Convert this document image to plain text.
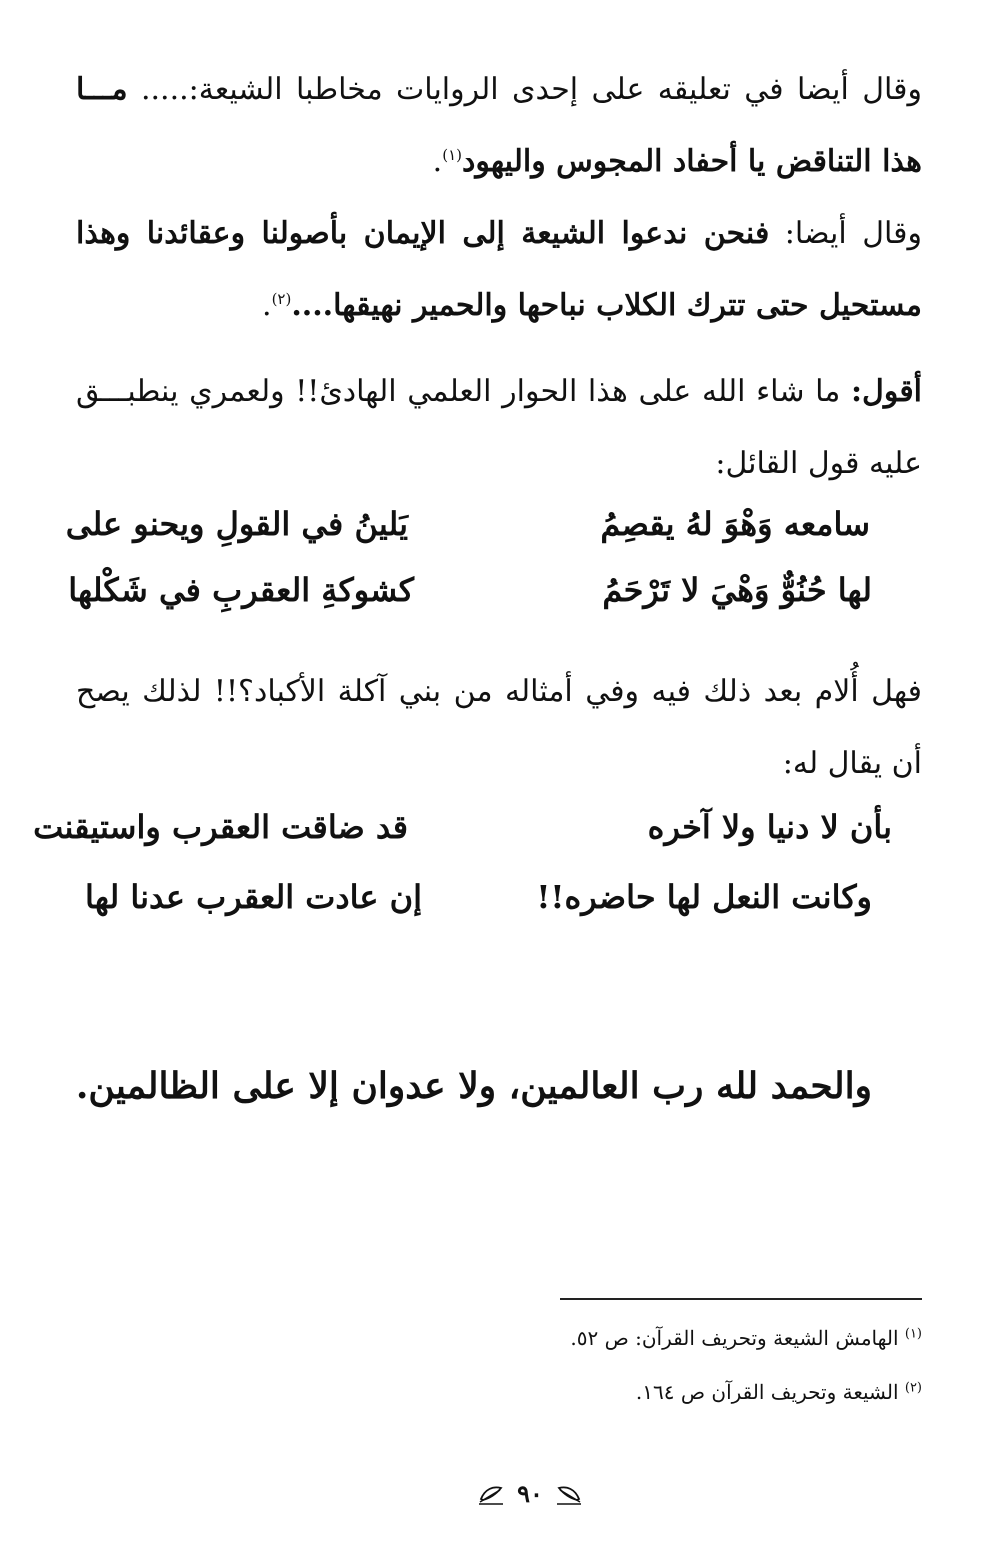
وقال أيضا في تعليقه على إحدى الروايات مخاطبا الشيعة:..... مـــا هذا التناقض يا أحفاد المجوس واليهود$^{(١)}$.

وقال أيضا: فنحن ندعوا الشيعة إلى الإيمان بأصولنا وعقائدنا وهذا مستحيل حتى تترك الكلاب نباحها والحمير نهيقها....$^{(٢)}$.

أقول: ما شاء الله على هذا الحوار العلمي الهادئ!! ولعمري ينطبـــق عليه قول القائل:

سامعه وَهْوَ لهُ يقصِمُ
يَلينُ في القولِ ويحنو على
لها حُنُوٌّ وَهْيَ لا تَرْحَمُ
كشوكةِ العقربِ في شَكْلها

فهل أُلام بعد ذلك فيه وفي أمثاله من بني آكلة الأكباد؟!! لذلك يصح أن يقال له:

بأن لا دنيا ولا آخره
قد ضاقت العقرب واستيقنت
وكانت النعل لها حاضره!!
إن عادت العقرب عدنا لها
والحمد لله رب العالمين، ولا عدوان إلا على الظالمين.
$^{(١)}$ الهامش الشيعة وتحريف القرآن: ص ٥٢.
$^{(٢)}$ الشيعة وتحريف القرآن ص ١٦٤.
٩٠
